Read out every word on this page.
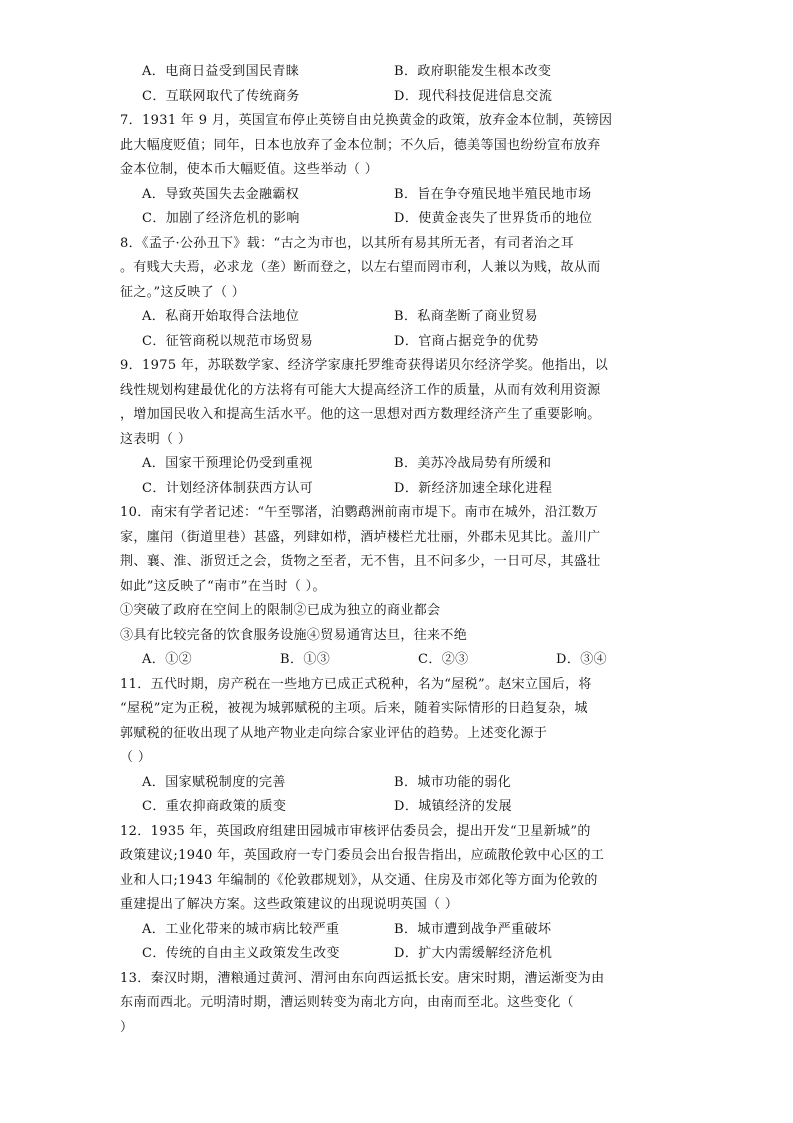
A．电商日益受到国民青睐	B．政府职能发生根本改变
C．互联网取代了传统商务	D．现代科技促进信息交流
7．1931 年 9 月，英国宣布停止英镑自由兑换黄金的政策，放弃金本位制，英镑因
此大幅度贬值；同年，日本也放弃了金本位制；不久后，德美等国也纷纷宣布放弃
金本位制，使本币大幅贬值。这些举动（ ）
A．导致英国失去金融霸权	B．旨在争夺殖民地半殖民地市场
C．加剧了经济危机的影响	D．使黄金丧失了世界货币的地位
8．《孟子·公孙丑下》载：“古之为市也，以其所有易其所无者，有司者治之耳
。有贱大夫焉，必求龙（垄）断而登之，以左右望而罔市利，人兼以为贱，故从而
征之。”这反映了（ ）
A．私商开始取得合法地位	B．私商垄断了商业贸易
C．征管商税以规范市场贸易	D．官商占据竞争的优势
9．1975 年，苏联数学家、经济学家康托罗维奇获得诺贝尔经济学奖。他指出，以
线性规划构建最优化的方法将有可能大大提高经济工作的质量，从而有效利用资源
，增加国民收入和提高生活水平。他的这一思想对西方数理经济产生了重要影响。
这表明（ ）
A．国家干预理论仍受到重视	B．美苏冷战局势有所缓和
C．计划经济体制获西方认可	D．新经济加速全球化进程
10．南宋有学者记述：“午至鄂渚，泊鹦鹉洲前南市堤下。南市在城外，沿江数万
家，廛闬（街道里巷）甚盛，列肆如栉，酒垆楼栏尤壮丽，外郡未见其比。盖川广
荆、襄、淮、浙贸迁之会，货物之至者，无不售，且不问多少，一日可尽，其盛壮
如此”这反映了“南市”在当时（ ）。
①突破了政府在空间上的限制②已成为独立的商业都会
③具有比较完备的饮食服务设施④贸易通宵达旦，往来不绝
A．①②	B．①③	C．②③	D．③④
11．五代时期，房产税在一些地方已成正式税种，名为“屋税”。赵宋立国后，将
“屋税”定为正税，被视为城郭赋税的主项。后来，随着实际情形的日趋复杂，城
郭赋税的征收出现了从地产物业走向综合家业评估的趋势。上述变化源于
（ ）
A．国家赋税制度的完善	B．城市功能的弱化
C．重农抑商政策的质变	D．城镇经济的发展
12．1935 年，英国政府组建田园城市审核评估委员会，提出开发“卫星新城”的
政策建议;1940 年，英国政府一专门委员会出台报告指出，应疏散伦敦中心区的工
业和人口;1943 年编制的《伦敦郡规划》，从交通、住房及市郊化等方面为伦敦的
重建提出了解决方案。这些政策建议的出现说明英国（ ）
A．工业化带来的城市病比较严重	B．城市遭到战争严重破坏
C．传统的自由主义政策发生改变	D．扩大内需缓解经济危机
13．秦汉时期，漕粮通过黄河、渭河由东向西运抵长安。唐宋时期，漕运渐变为由
东南而西北。元明清时期，漕运则转变为南北方向，由南而至北。这些变化（
）
